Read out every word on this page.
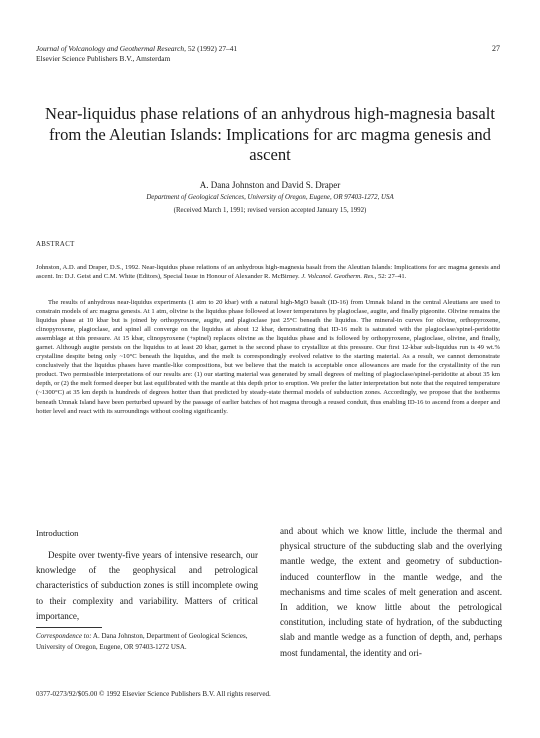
Journal of Volcanology and Geothermal Research, 52 (1992) 27–41
Elsevier Science Publishers B.V., Amsterdam
27
Near-liquidus phase relations of an anhydrous high-magnesia basalt from the Aleutian Islands: Implications for arc magma genesis and ascent
A. Dana Johnston and David S. Draper
Department of Geological Sciences, University of Oregon, Eugene, OR 97403-1272, USA
(Received March 1, 1991; revised version accepted January 15, 1992)
ABSTRACT
Johnston, A.D. and Draper, D.S., 1992. Near-liquidus phase relations of an anhydrous high-magnesia basalt from the Aleutian Islands: Implications for arc magma genesis and ascent. In: D.J. Geist and C.M. White (Editors), Special Issue in Honour of Alexander R. McBirney. J. Volcanol. Geotherm. Res., 52: 27–41.
The results of anhydrous near-liquidus experiments (1 atm to 20 kbar) with a natural high-MgO basalt (ID-16) from Umnak Island in the central Aleutians are used to constrain models of arc magma genesis. At 1 atm, olivine is the liquidus phase followed at lower temperatures by plagioclase, augite, and finally pigeonite. Olivine remains the liquidus phase at 10 kbar but is joined by orthopyroxene, augite, and plagioclase just 25°C beneath the liquidus. The mineral-in curves for olivine, orthopyroxene, clinopyroxene, plagioclase, and spinel all converge on the liquidus at about 12 kbar, demonstrating that ID-16 melt is saturated with the plagioclase/spinel-peridotite assemblage at this pressure. At 15 kbar, clinopyroxene (+spinel) replaces olivine as the liquidus phase and is followed by orthopyroxene, plagioclase, olivine, and finally, garnet. Although augite persists on the liquidus to at least 20 kbar, garnet is the second phase to crystallize at this pressure. Our first 12-kbar sub-liquidus run is 49 wt.% crystalline despite being only ~10°C beneath the liquidus, and the melt is correspondingly evolved relative to the starting material. As a result, we cannot demonstrate conclusively that the liquidus phases have mantle-like compositions, but we believe that the match is acceptable once allowances are made for the crystallinity of the run product. Two permissible interpretations of our results are: (1) our starting material was generated by small degrees of melting of plagioclase/spinel-peridotite at about 35 km depth, or (2) the melt formed deeper but last equilibrated with the mantle at this depth prior to eruption. We prefer the latter interpretation but note that the required temperature (~1300°C) at 35 km depth is hundreds of degrees hotter than that predicted by steady-state thermal models of subduction zones. Accordingly, we propose that the isotherms beneath Umnak Island have been perturbed upward by the passage of earlier batches of hot magma through a reused conduit, thus enabling ID-16 to ascend from a deeper and hotter level and react with its surroundings without cooling significantly.
Introduction
Despite over twenty-five years of intensive research, our knowledge of the geophysical and petrological characteristics of subduction zones is still incomplete owing to their complexity and variability. Matters of critical importance,
and about which we know little, include the thermal and physical structure of the subducting slab and the overlying mantle wedge, the extent and geometry of subduction-induced counterflow in the mantle wedge, and the mechanisms and time scales of melt generation and ascent. In addition, we know little about the petrological constitution, including state of hydration, of the subducting slab and mantle wedge as a function of depth, and, perhaps most fundamental, the identity and ori-
Correspondence to: A. Dana Johnston, Department of Geological Sciences, University of Oregon, Eugene, OR 97403-1272 USA.
0377-0273/92/$05.00 © 1992 Elsevier Science Publishers B.V. All rights reserved.
